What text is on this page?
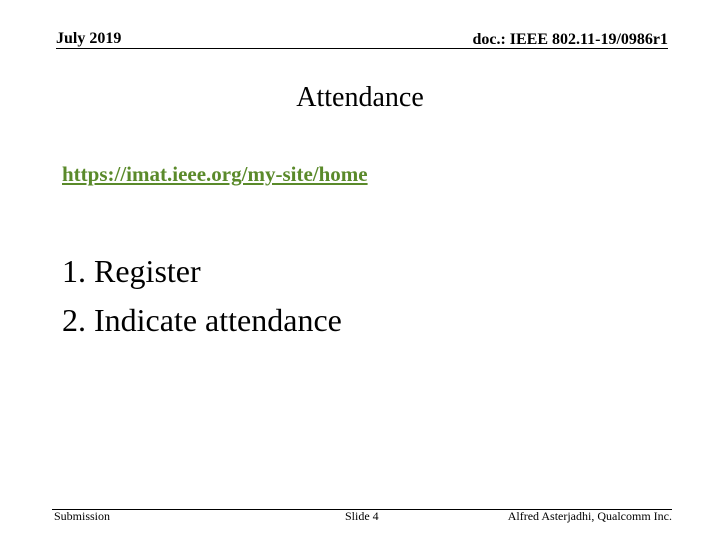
July 2019	doc.: IEEE 802.11-19/0986r1
Attendance
https://imat.ieee.org/my-site/home
1. Register
2. Indicate attendance
Submission	Slide 4	Alfred Asterjadhi, Qualcomm Inc.
